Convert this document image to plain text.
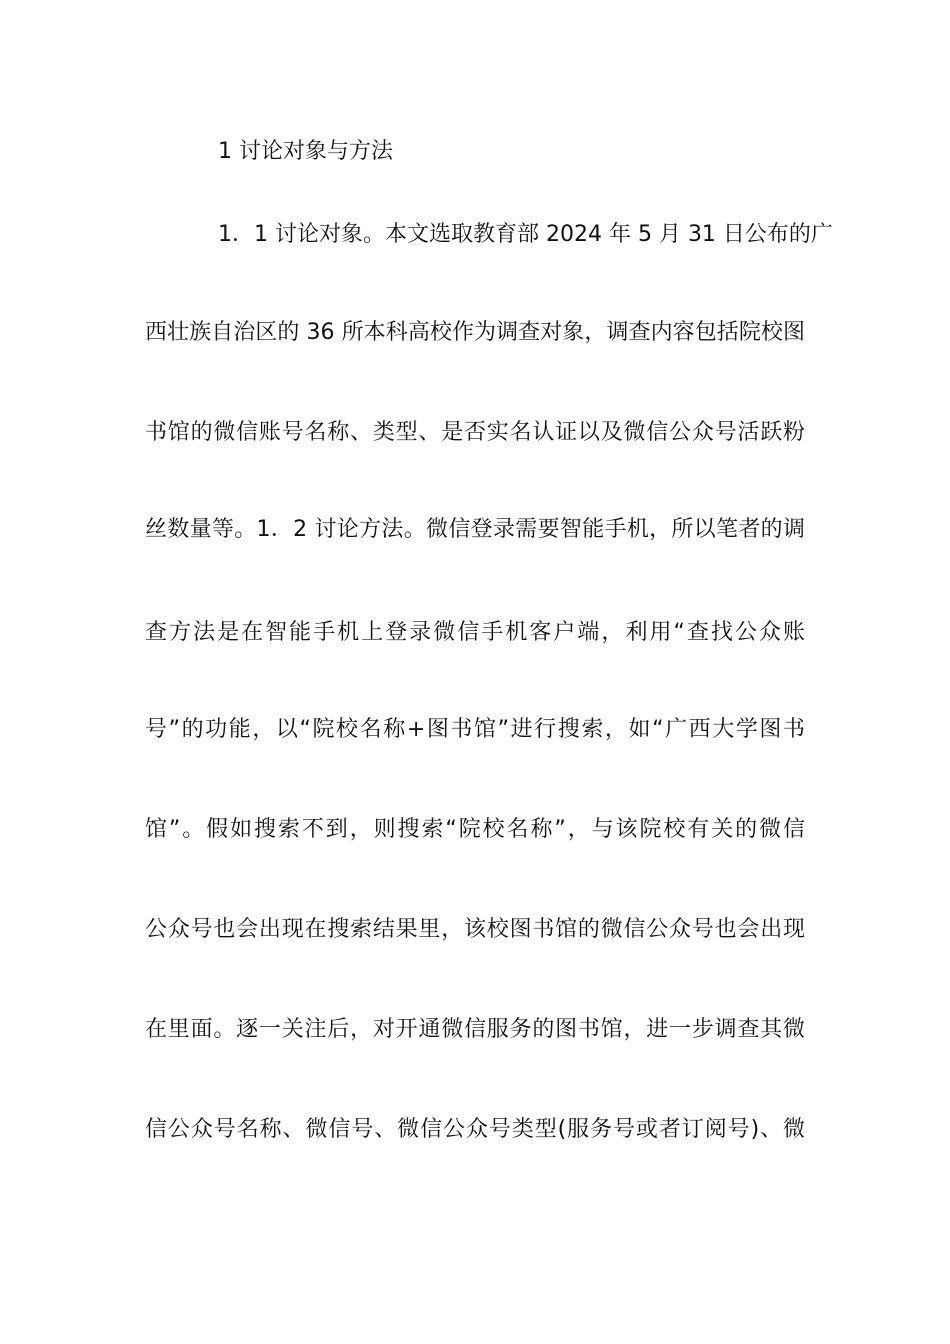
1 讨论对象与方法
1．1 讨论对象。本文选取教育部 2024 年 5 月 31 日公布的广
西壮族自治区的 36 所本科高校作为调查对象，调查内容包括院校图
书馆的微信账号名称、类型、是否实名认证以及微信公众号活跃粉
丝数量等。1．2 讨论方法。微信登录需要智能手机，所以笔者的调
查方法是在智能手机上登录微信手机客户端，利用“查找公众账
号”的功能，以“院校名称+图书馆”进行搜索，如“广西大学图书
馆”。假如搜索不到，则搜索“院校名称”，与该院校有关的微信
公众号也会出现在搜索结果里，该校图书馆的微信公众号也会出现
在里面。逐一关注后，对开通微信服务的图书馆，进一步调查其微
信公众号名称、微信号、微信公众号类型(服务号或者订阅号)、微
